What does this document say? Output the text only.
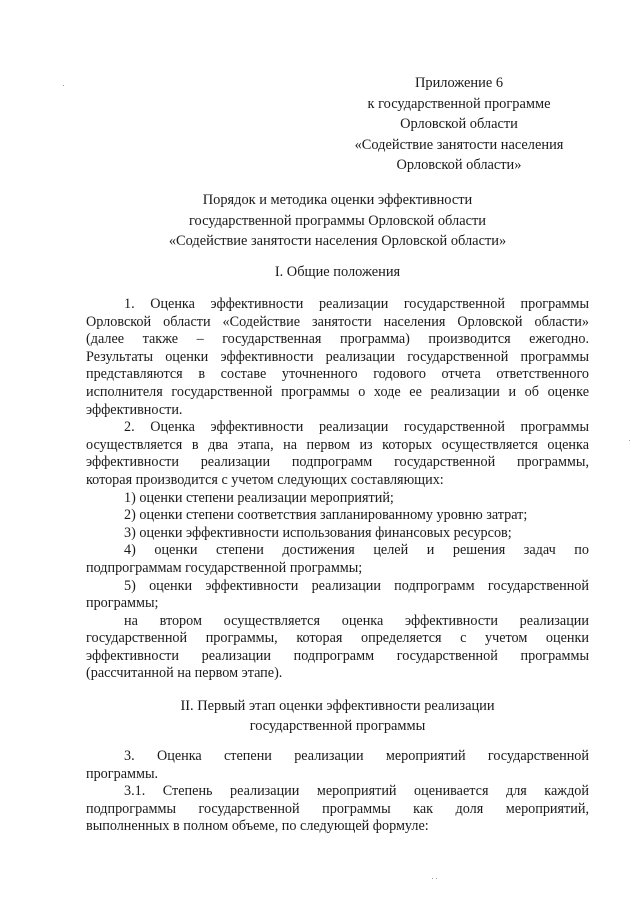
Приложение 6
к государственной программе
Орловской области
«Содействие занятости населения
Орловской области»
Порядок и методика оценки эффективности
государственной программы Орловской области
«Содействие занятости населения Орловской области»
I. Общие положения
1. Оценка эффективности реализации государственной программы
Орловской области «Содействие занятости населения Орловской области»
(далее также – государственная программа) производится ежегодно.
Результаты оценки эффективности реализации государственной программы
представляются в составе уточненного годового отчета ответственного
исполнителя государственной программы о ходе ее реализации и об оценке
эффективности.
2. Оценка эффективности реализации государственной программы
осуществляется в два этапа, на первом из которых осуществляется оценка
эффективности реализации подпрограмм государственной программы,
которая производится с учетом следующих составляющих:
1) оценки степени реализации мероприятий;
2) оценки степени соответствия запланированному уровню затрат;
3) оценки эффективности использования финансовых ресурсов;
4) оценки степени достижения целей и решения задач по
подпрограммам государственной программы;
5) оценки эффективности реализации подпрограмм государственной
программы;
на втором осуществляется оценка эффективности реализации
государственной программы, которая определяется с учетом оценки
эффективности реализации подпрограмм государственной программы
(рассчитанной на первом этапе).
II. Первый этап оценки эффективности реализации
государственной программы
3. Оценка степени реализации мероприятий государственной
программы.
3.1. Степень реализации мероприятий оценивается для каждой
подпрограммы государственной программы как доля мероприятий,
выполненных в полном объеме, по следующей формуле:
